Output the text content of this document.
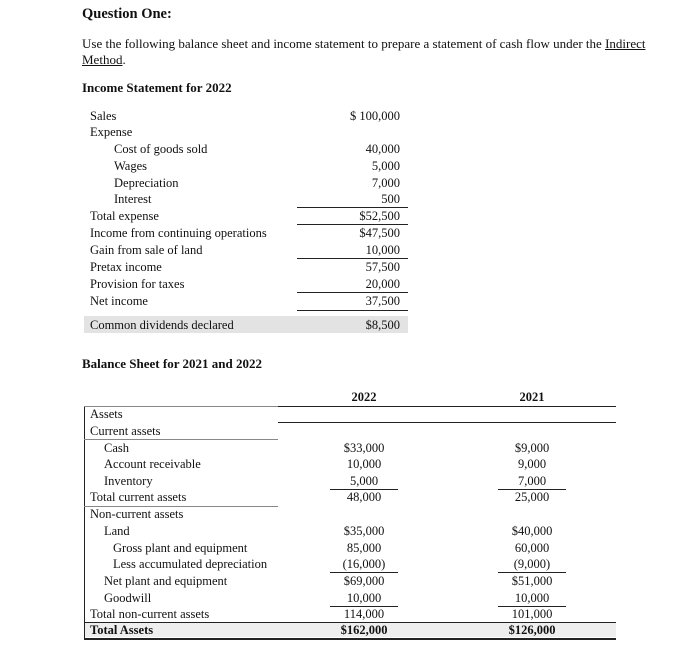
Question One:
Use the following balance sheet and income statement to prepare a statement of cash flow under the Indirect
Method.
Income Statement for 2022
Sales	$ 100,000
Expense
Cost of goods sold	40,000
Wages	5,000
Depreciation	7,000
Interest	500
Total expense	$52,500
Income from continuing operations	$47,500
Gain from sale of land	10,000
Pretax income	57,500
Provision for taxes	20,000
Net income	37,500
Common dividends declared	$8,500
Balance Sheet for 2021 and 2022
2022	2021
Assets
Current assets
Cash	$33,000	$9,000
Account receivable	10,000	9,000
Inventory	5,000	7,000
Total current assets	48,000	25,000
Non-current assets
Land	$35,000	$40,000
Gross plant and equipment	85,000	60,000
Less accumulated depreciation	(16,000)	(9,000)
Net plant and equipment	$69,000	$51,000
Goodwill	10,000	10,000
Total non-current assets	114,000	101,000
Total Assets	$162,000	$126,000
